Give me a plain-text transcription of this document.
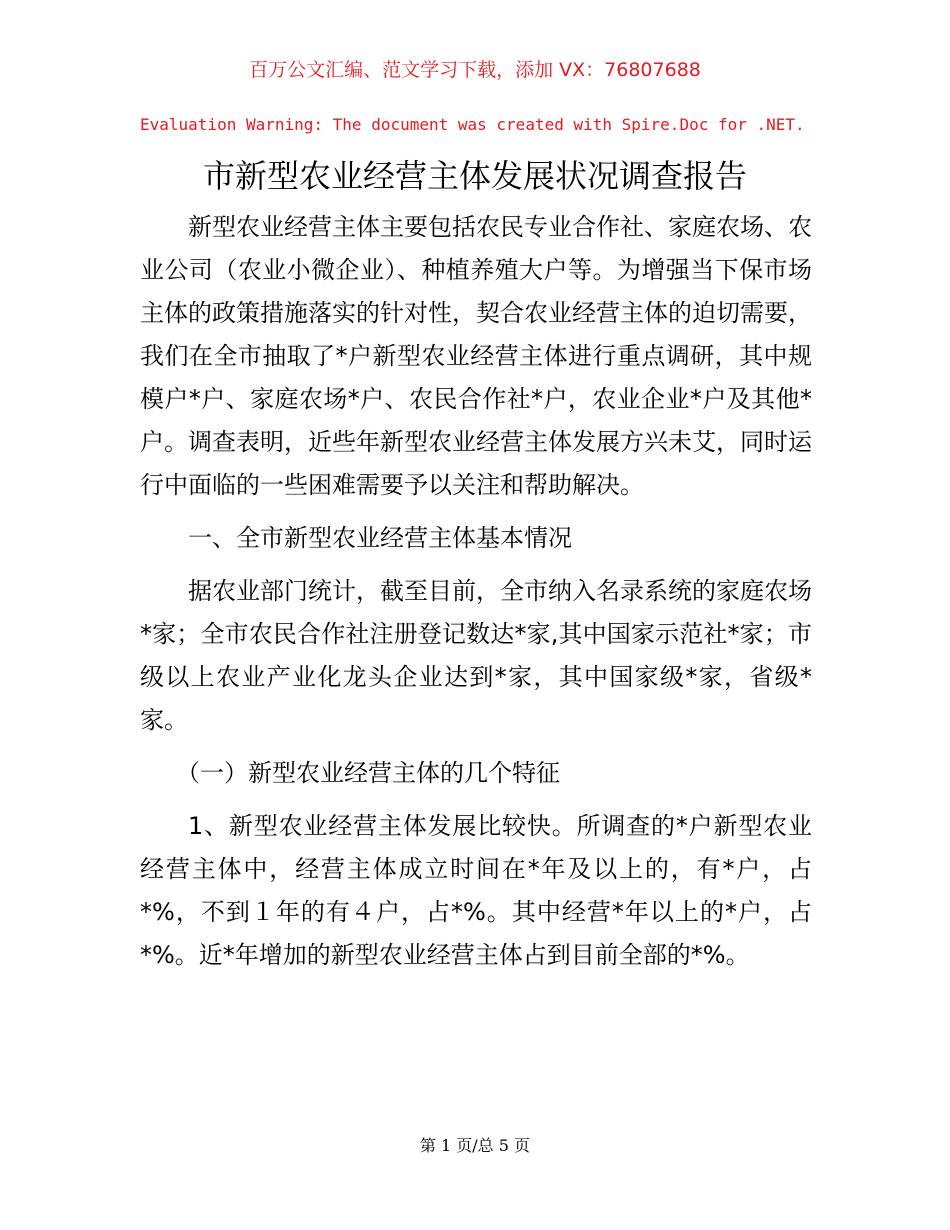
百万公文汇编、范文学习下载，添加 VX：76807688
Evaluation Warning: The document was created with Spire.Doc for .NET.
市新型农业经营主体发展状况调查报告

新型农业经营主体主要包括农民专业合作社、家庭农场、农业公司（农业小微企业）、种植养殖大户等。为增强当下保市场主体的政策措施落实的针对性，契合农业经营主体的迫切需要，我们在全市抽取了*户新型农业经营主体进行重点调研，其中规模户*户、家庭农场*户、农民合作社*户，农业企业*户及其他*户。调查表明，近些年新型农业经营主体发展方兴未艾，同时运行中面临的一些困难需要予以关注和帮助解决。

一、全市新型农业经营主体基本情况

据农业部门统计，截至目前，全市纳入名录系统的家庭农场*家；全市农民合作社注册登记数达*家,其中国家示范社*家；市级以上农业产业化龙头企业达到*家，其中国家级*家，省级*家。

（一）新型农业经营主体的几个特征

1、新型农业经营主体发展比较快。所调查的*户新型农业经营主体中，经营主体成立时间在*年及以上的，有*户，占*%，不到１年的有４户，占*%。其中经营*年以上的*户，占*%。近*年增加的新型农业经营主体占到目前全部的*%。

第 1 页/总 5 页
